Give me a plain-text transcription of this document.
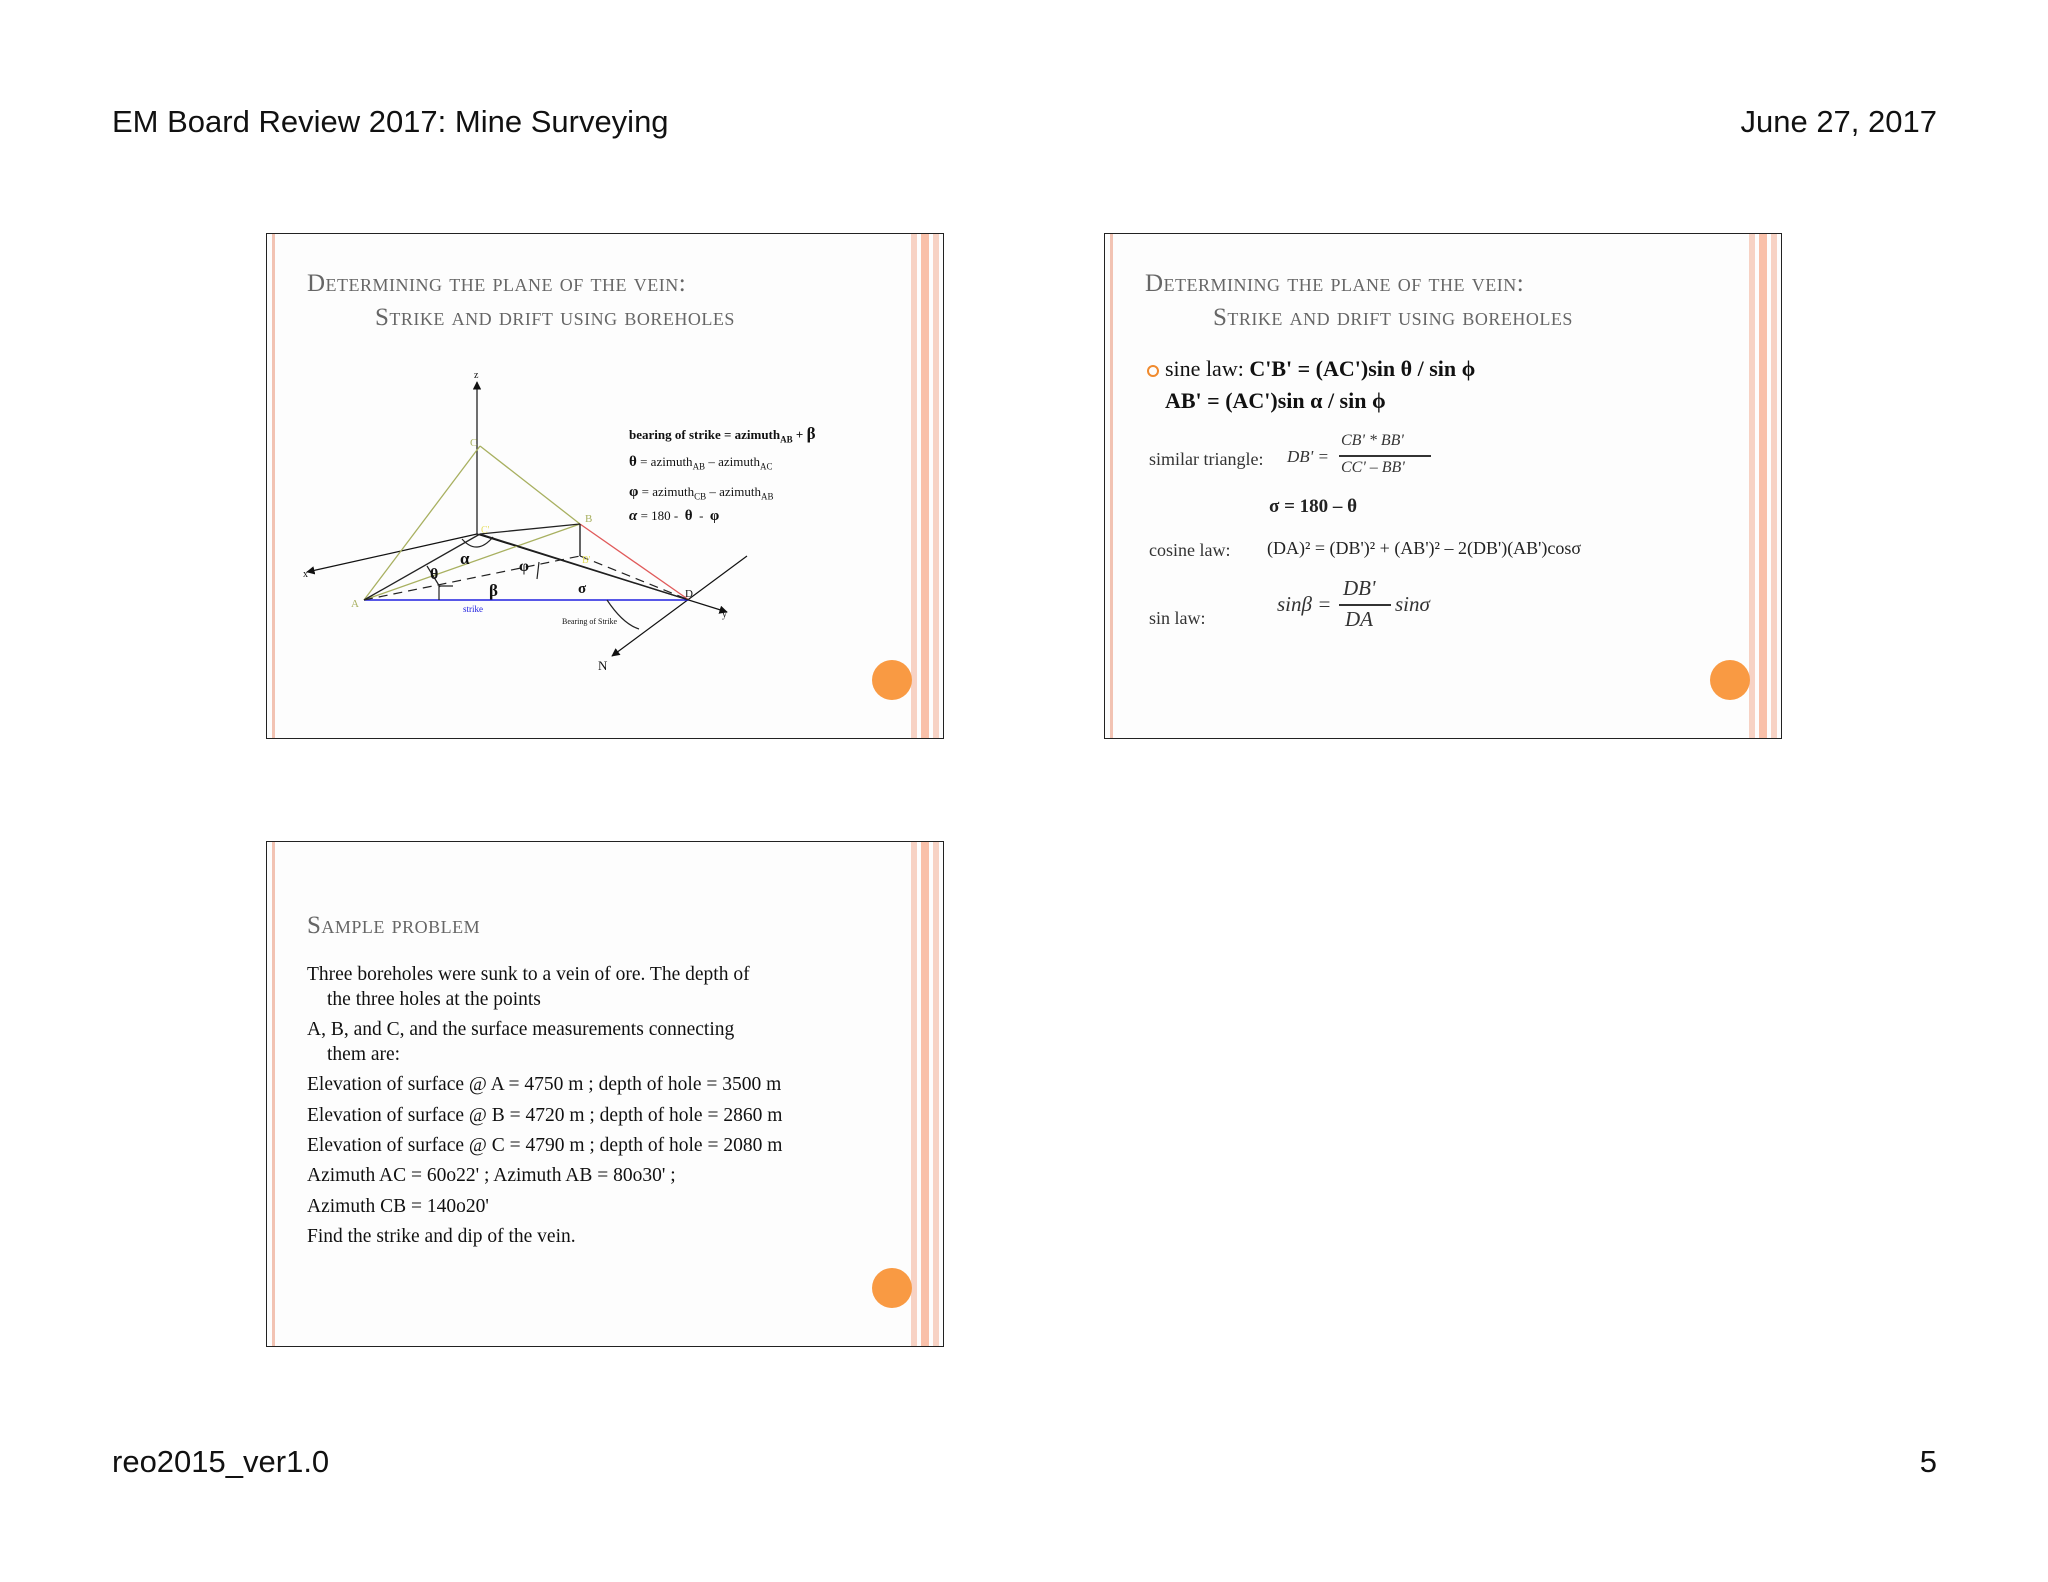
EM Board Review 2017: Mine Surveying	June 27, 2017
Determining the plane of the vein:
Strike and drift using boreholes
z
x
y
N
C
B
A
D
C'
B'
α
θ	φ
β	σ
strike
Bearing of Strike
bearing of strike = azimuth$_{AB}$ + β
θ = azimuth$_{AB}$ – azimuth$_{AC}$
φ = azimuth$_{CB}$ – azimuth$_{AB}$
α = 180 -  θ  -  φ
Determining the plane of the vein:
Strike and drift using boreholes
sine law: C'B' = (AC')sin θ / sin ϕ
AB' = (AC')sin α / sin ϕ
similar triangle: DB' =
CB' * BB'
CC' – BB'
σ = 180 – θ
cosine law: (DA)² = (DB')² + (AB')² – 2(DB')(AB')cosσ
sin law:
sinβ =
DB'
DA
sinσ
Sample problem
Three boreholes were sunk to a vein of ore. The depth of
the three holes at the points
A, B, and C, and the surface measurements connecting
them are:
Elevation of surface @ A = 4750 m ; depth of hole = 3500 m
Elevation of surface @ B = 4720 m ; depth of hole = 2860 m
Elevation of surface @ C = 4790 m ; depth of hole = 2080 m
Azimuth AC = 60o22' ; Azimuth AB = 80o30' ;
Azimuth CB = 140o20'
Find the strike and dip of the vein.
reo2015_ver1.0	5
